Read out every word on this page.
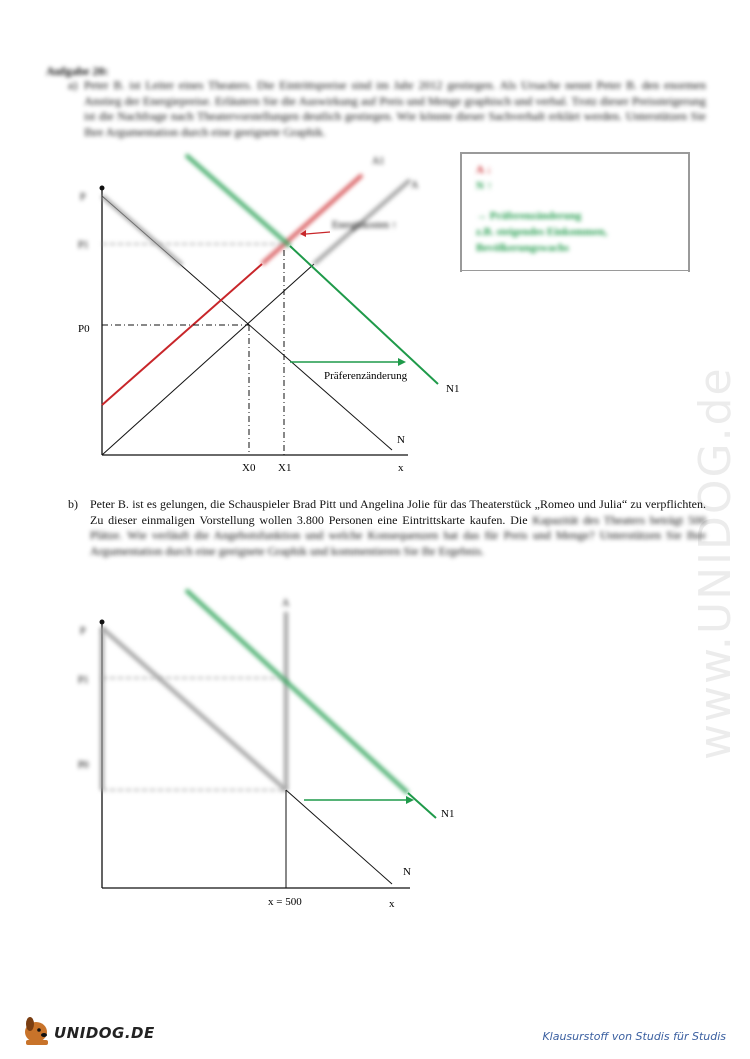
Aufgabe 20:
a) Peter B. ist Leiter eines Theaters. Die Eintrittspreise sind im Jahr 2012 gestiegen. Als Ursache nennt Peter B. den enormen Anstieg der Energiepreise. Erläutern Sie die Auswirkung auf Preis und Menge graphisch und verbal. Trotz dieser Preissteigerung ist die Nachfrage nach Theatervorstellungen deutlich gestiegen. Wie könnte dieser Sachverhalt erklärt werden. Unterstützen Sie Ihre Argumentation durch eine geeignete Graphik.
www.UNIDOG.de
P
P1
P0
A1
A
Energiekosten ↑
Präferenzänderung
N1
N
X0 X1	x
P
P1
P0
A
N1
N
x = 500	x
A ↓
N ↑
→ Präferenzänderung
z.B. steigendes Einkommen,
Bevölkerungswachs
b) Peter B. ist es gelungen, die Schauspieler Brad Pitt und Angelina Jolie für das Theaterstück „Romeo und Julia“ zu verpflichten. Zu dieser einmaligen Vorstellung wollen 3.800 Personen eine Eintrittskarte kaufen. Die Kapazität des Theaters beträgt 500 Plätze. Wie verläuft die Angebotsfunktion und welche Konsequenzen hat das für Preis und Menge? Unterstützen Sie Ihre Argumentation durch eine geeignete Graphik und kommentieren Sie Ihr Ergebnis.
UNIDOG.DE	Klausurstoff von Studis für Studis
